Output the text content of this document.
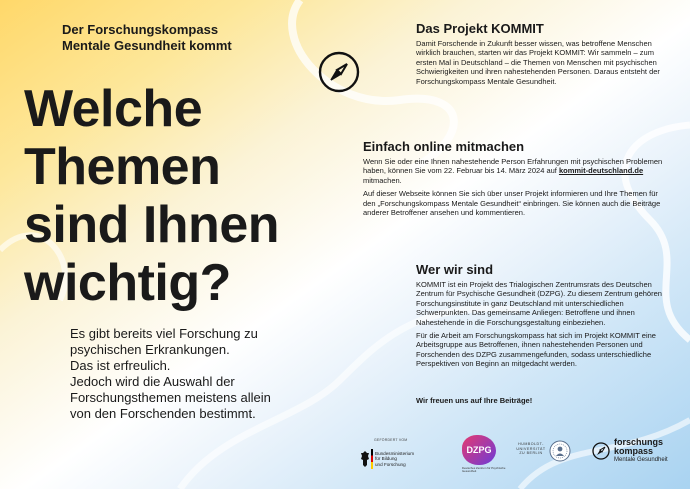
Der Forschungskompass
Mentale Gesundheit kommt
Welche
Themen
sind Ihnen
wichtig?
Es gibt bereits viel Forschung zu
psychischen Erkrankungen.
Das ist erfreulich.
Jedoch wird die Auswahl der
Forschungsthemen meistens allein
von den Forschenden bestimmt.
Das Projekt KOMMIT

Damit Forschende in Zukunft besser wissen, was betroffene Menschen wirklich brauchen, starten wir das Projekt KOMMIT: Wir sammeln – zum ersten Mal in Deutschland – die Themen von Menschen mit psychischen Schwierigkeiten und ihren nahestehenden Personen. Daraus entsteht der Forschungskompass Mentale Gesundheit.

Einfach online mitmachen

Wenn Sie oder eine Ihnen nahestehende Person Erfahrungen mit psychischen Problemen haben, können Sie vom 22. Februar bis 14. März 2024 auf kommit-deutschland.de mitmachen.

Auf dieser Webseite können Sie sich über unser Projekt informieren und Ihre Themen für den „Forschungskompass Mentale Gesundheit“ einbringen. Sie können auch die Beiträge anderer Betroffener ansehen und kommentieren.

Wer wir sind

KOMMIT ist ein Projekt des Trialogischen Zentrumsrats des Deutschen Zentrum für Psychische Gesundheit (DZPG). Zu diesem Zentrum gehören Forschungsinstitute in ganz Deutschland mit unterschiedlichen Schwerpunkten. Das gemeinsame Anliegen: Betroffene und ihnen Nahestehende in die Forschungsgestaltung einbeziehen.

Für die Arbeit am Forschungskompass hat sich im Projekt KOMMIT eine Arbeitsgruppe aus Betroffenen, ihnen nahestehenden Personen und Forschenden des DZPG zusammengefunden, sodass unterschiedliche Perspektiven von Beginn an mitgedacht werden.

Wir freuen uns auf Ihre Beiträge!
GEFÖRDERT VOM
Bundesministerium
für Bildung
und Forschung
DZPG
Deutsches Zentrum für Psychische Gesundheit
HUMBOLDT-
UNIVERSITÄT
ZU BERLIN
forschungs
kompass
Mentale Gesundheit
